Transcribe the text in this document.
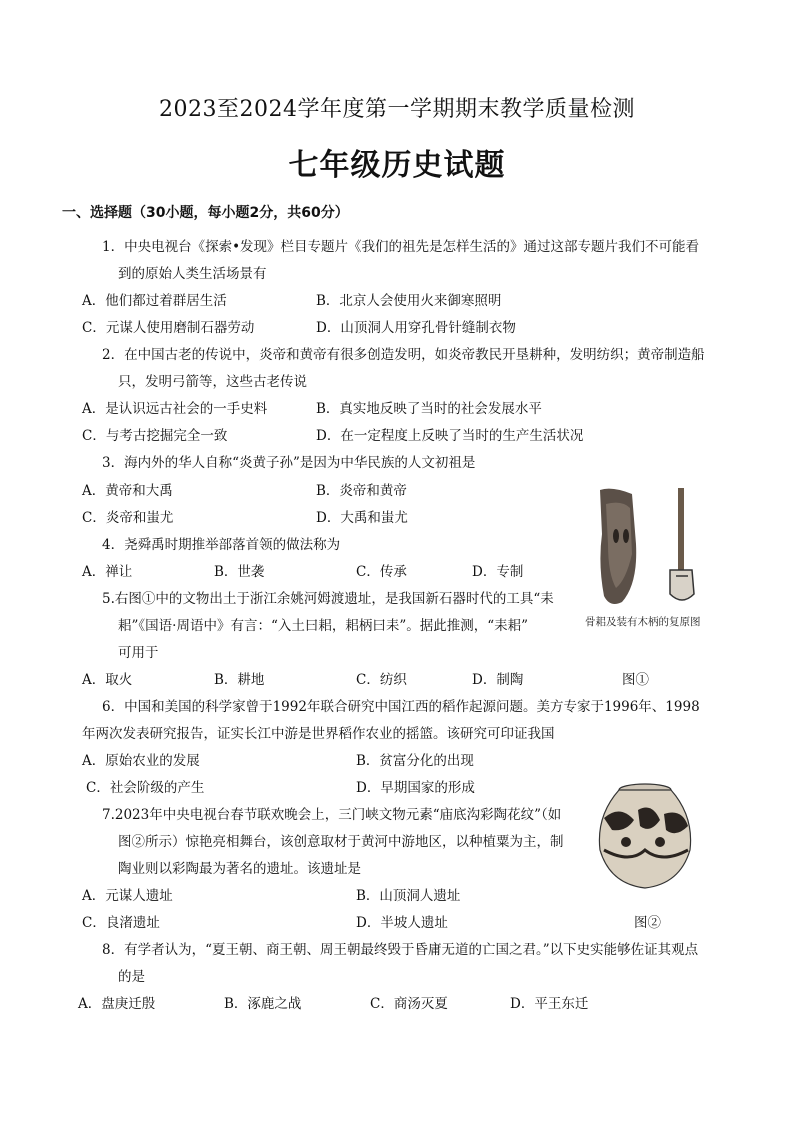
2023至2024学年度第一学期期末教学质量检测
七年级历史试题
一、选择题（30小题，每小题2分，共60分）
1．中央电视台《探索•发现》栏目专题片《我们的祖先是怎样生活的》通过这部专题片我们不可能看
到的原始人类生活场景有
A．他们都过着群居生活	B．北京人会使用火来御寒照明
C．元谋人使用磨制石器劳动	D．山顶洞人用穿孔骨针缝制衣物
2．在中国古老的传说中，炎帝和黄帝有很多创造发明，如炎帝教民开垦耕种，发明纺织；黄帝制造船
只，发明弓箭等，这些古老传说
A．是认识远古社会的一手史料	B．真实地反映了当时的社会发展水平
C．与考古挖掘完全一致	D．在一定程度上反映了当时的生产生活状况
3．海内外的华人自称“炎黄子孙”是因为中华民族的人文初祖是
A．黄帝和大禹	B．炎帝和黄帝
C．炎帝和蚩尤	D．大禹和蚩尤
4．尧舜禹时期推举部落首领的做法称为
A．禅让	B．世袭	C．传承	D．专制
骨耜及装有木柄的复原图
5.右图①中的文物出土于浙江余姚河姆渡遗址，是我国新石器时代的工具“耒
耜”《国语·周语中》有言：“入土曰耜，耜柄曰耒”。据此推测，“耒耜”
可用于
A．取火	B．耕地	C．纺织	D．制陶	图①
6．中国和美国的科学家曾于1992年联合研究中国江西的稻作起源问题。美方专家于1996年、1998
年两次发表研究报告，证实长江中游是世界稻作农业的摇篮。该研究可印证我国
A．原始农业的发展	B．贫富分化的出现
C．社会阶级的产生	D．早期国家的形成
7.2023年中央电视台春节联欢晚会上，三门峡文物元素“庙底沟彩陶花纹”（如
图②所示）惊艳亮相舞台，该创意取材于黄河中游地区，以种植粟为主，制
陶业则以彩陶最为著名的遗址。该遗址是
A．元谋人遗址	B．山顶洞人遗址
C．良渚遗址	D．半坡人遗址	图②
8．有学者认为，“夏王朝、商王朝、周王朝最终毁于昏庸无道的亡国之君。”以下史实能够佐证其观点
的是
A．盘庚迁殷	B．涿鹿之战	C．商汤灭夏	D．平王东迁
